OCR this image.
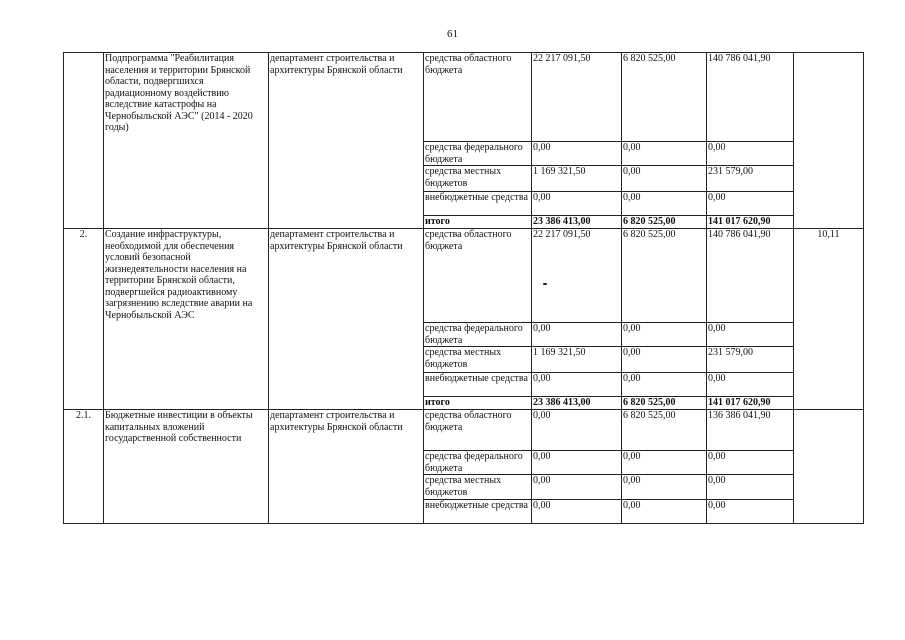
61
	Подпрограмма "Реабилитация населения и территории Брянской области, подвергшихся радиационному воздействию вследствие катастрофы на Чернобыльской АЭС" (2014 - 2020 годы)	департамент строительства и архитектуры Брянской области	средства областного бюджета	22 217 091,50	6 820 525,00	140 786 041,90	
			средства федерального бюджета	0,00	0,00	0,00	
			средства местных бюджетов	1 169 321,50	0,00	231 579,00	
			внебюджетные средства	0,00	0,00	0,00	
			итого	23 386 413,00	6 820 525,00	141 017 620,90	
2.	Создание инфраструктуры, необходимой для обеспечения условий безопасной жизнедеятельности населения на территории Брянской области, подвергшейся радиоактивному загрязнению вследствие аварии на Чернобыльской АЭС	департамент строительства и архитектуры Брянской области	средства областного бюджета	22 217 091,50	6 820 525,00	140 786 041,90	10,11
			средства федерального бюджета	0,00	0,00	0,00	
			средства местных бюджетов	1 169 321,50	0,00	231 579,00	
			внебюджетные средства	0,00	0,00	0,00	
			итого	23 386 413,00	6 820 525,00	141 017 620,90	
2.1.	Бюджетные инвестиции в объекты капитальных вложений государственной собственности	департамент строительства и архитектуры Брянской области	средства областного бюджета	0,00	6 820 525,00	136 386 041,90	
			средства федерального бюджета	0,00	0,00	0,00	
			средства местных бюджетов	0,00	0,00	0,00	
			внебюджетные средства	0,00	0,00	0,00	
